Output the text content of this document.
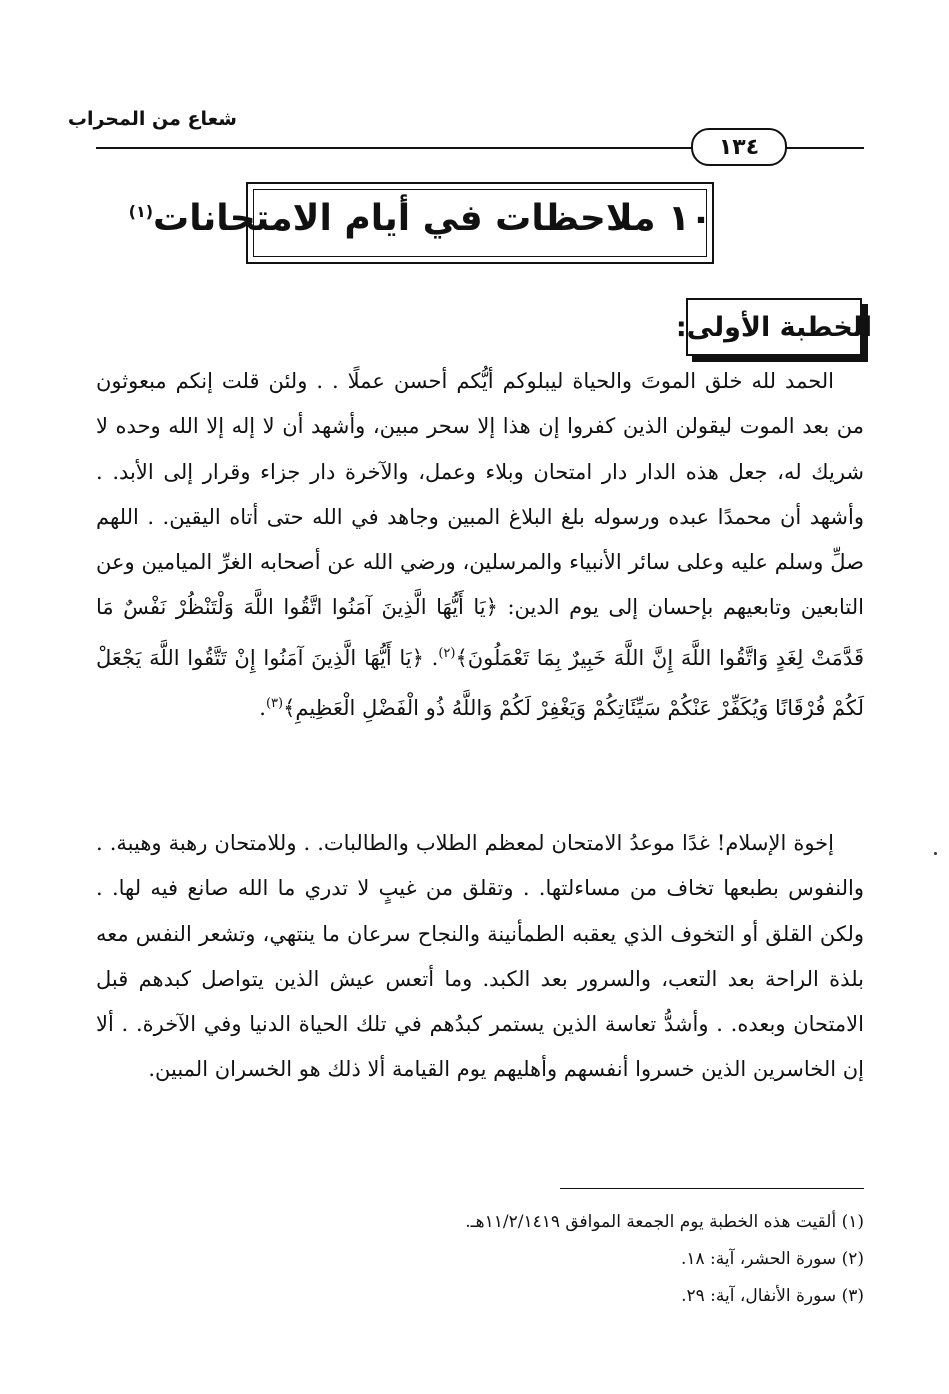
شعاع من المحراب
١٣٤
١٠ ملاحظات في أيام الامتحانات$^{(١)}$
الخطبة الأولى:

الحمد لله خلق الموتَ والحياة ليبلوكم أيُّكم أحسن عملًا . . ولئن قلت إنكم مبعوثون من بعد الموت ليقولن الذين كفروا إن هذا إلا سحر مبين، وأشهد أن لا إله إلا الله وحده لا شريك له، جعل هذه الدار دار امتحان وبلاء وعمل، والآخرة دار جزاء وقرار إلى الأبد. . وأشهد أن محمدًا عبده ورسوله بلغ البلاغ المبين وجاهد في الله حتى أتاه اليقين. . اللهم صلِّ وسلم عليه وعلى سائر الأنبياء والمرسلين، ورضي الله عن أصحابه الغرِّ الميامين وعن التابعين وتابعيهم بإحسان إلى يوم الدين: ﴿يَا أَيُّهَا الَّذِينَ آمَنُوا اتَّقُوا اللَّهَ وَلْتَنْظُرْ نَفْسٌ مَا قَدَّمَتْ لِغَدٍ وَاتَّقُوا اللَّهَ إِنَّ اللَّهَ خَبِيرٌ بِمَا تَعْمَلُونَ﴾$^{(٢)}$. ﴿يَا أَيُّهَا الَّذِينَ آمَنُوا إِنْ تَتَّقُوا اللَّهَ يَجْعَلْ لَكُمْ فُرْقَانًا وَيُكَفِّرْ عَنْكُمْ سَيِّئَاتِكُمْ وَيَغْفِرْ لَكُمْ وَاللَّهُ ذُو الْفَضْلِ الْعَظِيمِ﴾$^{(٣)}$.

إخوة الإسلام! غدًا موعدُ الامتحان لمعظم الطلاب والطالبات. . وللامتحان رهبة وهيبة. . والنفوس بطبعها تخاف من مساءلتها. . وتقلق من غيبٍ لا تدري ما الله صانع فيه لها. . ولكن القلق أو التخوف الذي يعقبه الطمأنينة والنجاح سرعان ما ينتهي، وتشعر النفس معه بلذة الراحة بعد التعب، والسرور بعد الكبد. وما أتعس عيش الذين يتواصل كبدهم قبل الامتحان وبعده. . وأشدُّ تعاسة الذين يستمر كبدُهم في تلك الحياة الدنيا وفي الآخرة. . ألا إن الخاسرين الذين خسروا أنفسهم وأهليهم يوم القيامة ألا ذلك هو الخسران المبين.

(١) ألقيت هذه الخطبة يوم الجمعة الموافق ١١/٢/١٤١٩هـ.
(٢) سورة الحشر، آية: ١٨.
(٣) سورة الأنفال، آية: ٢٩.
